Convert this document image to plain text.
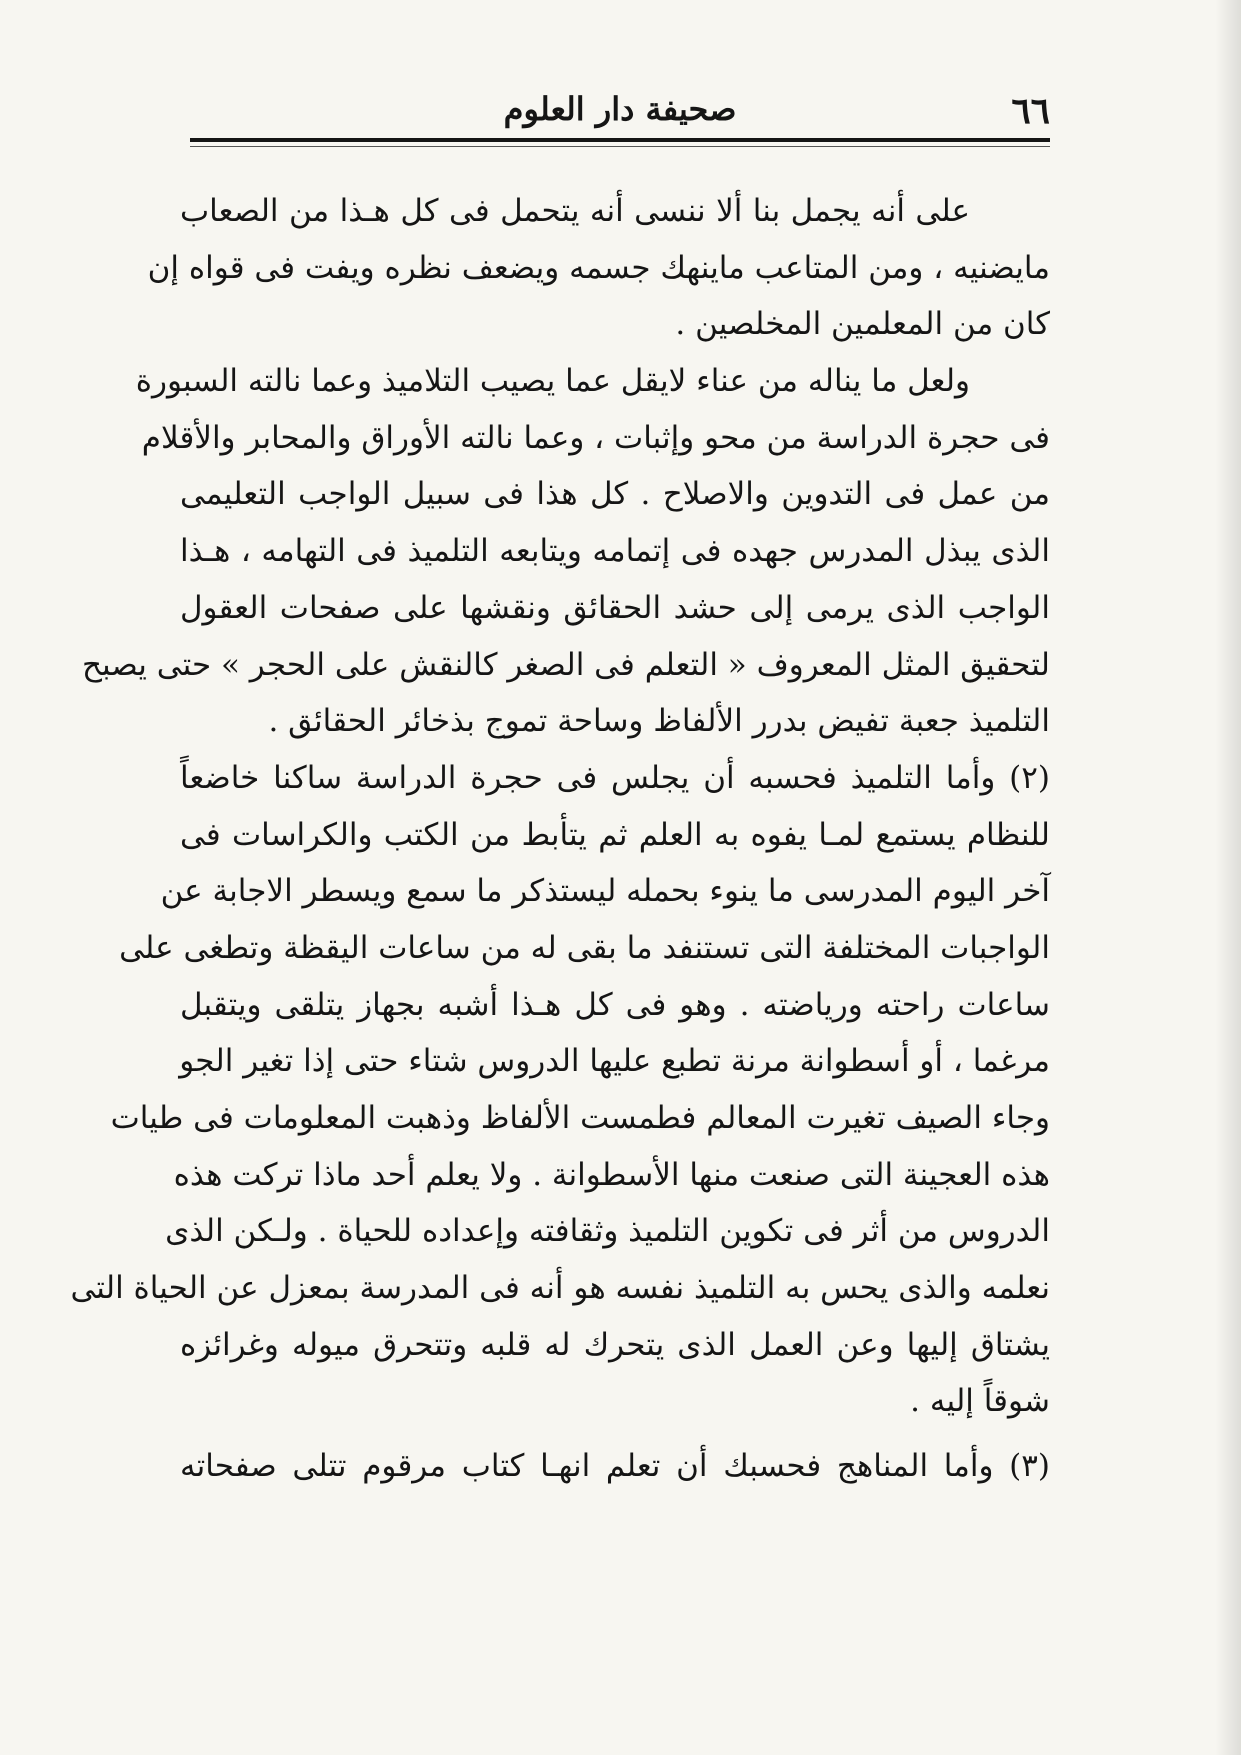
صحيفة دار العلوم	٦٦
على أنه يجمل بنا ألا ننسى أنه يتحمل فى كل هـذا من الصعاب
مايضنيه ، ومن المتاعب ماينهك جسمه ويضعف نظره ويفت فى قواه إن
كان من المعلمين المخلصين .
ولعل ما يناله من عناء لايقل عما يصيب التلاميذ وعما نالته السبورة
فى حجرة الدراسة من محو وإثبات ، وعما نالته الأوراق والمحابر والأقلام
من عمل فى التدوين والاصلاح . كل هذا فى سبيل الواجب التعليمى
الذى يبذل المدرس جهده فى إتمامه ويتابعه التلميذ فى التهامه ، هـذا
الواجب الذى يرمى إلى حشد الحقائق ونقشها على صفحات العقول
لتحقيق المثل المعروف « التعلم فى الصغر كالنقش على الحجر » حتى يصبح
التلميذ جعبة تفيض بدرر الألفاظ وساحة تموج بذخائر الحقائق .
(٢) وأما التلميذ فحسبه أن يجلس فى حجرة الدراسة ساكنا خاضعاً
للنظام يستمع لمـا يفوه به العلم ثم يتأبط من الكتب والكراسات فى
آخر اليوم المدرسى ما ينوء بحمله ليستذكر ما سمع ويسطر الاجابة عن
الواجبات المختلفة التى تستنفد ما بقى له من ساعات اليقظة وتطغى على
ساعات راحته ورياضته . وهو فى كل هـذا أشبه بجهاز يتلقى ويتقبل
مرغما ، أو أسطوانة مرنة تطبع عليها الدروس شتاء حتى إذا تغير الجو
وجاء الصيف تغيرت المعالم فطمست الألفاظ وذهبت المعلومات فى طيات
هذه العجينة التى صنعت منها الأسطوانة . ولا يعلم أحد ماذا تركت هذه
الدروس من أثر فى تكوين التلميذ وثقافته وإعداده للحياة . ولـكن الذى
نعلمه والذى يحس به التلميذ نفسه هو أنه فى المدرسة بمعزل عن الحياة التى
يشتاق إليها وعن العمل الذى يتحرك له قلبه وتتحرق ميوله وغرائزه
شوقاً إليه .
(٣) وأما المناهج فحسبك أن تعلم انهـا كتاب مرقوم تتلى صفحاته
